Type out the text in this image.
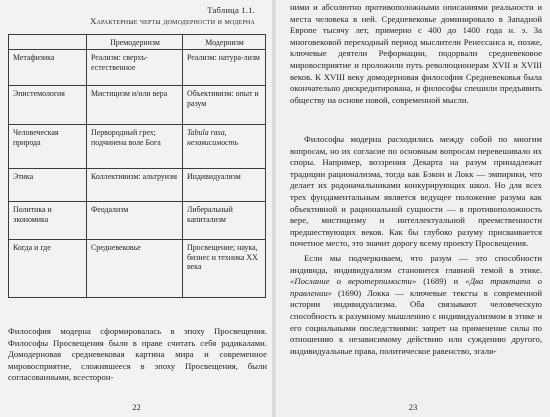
Таблица 1.1.
Характерные черты домодерности и модерна
	Премодернизм	Модернизм
Метафизика	Реализм: сверхъ-естественное	Реализм: натура-лизм
Эпистемология	Мистицизм и/или вера	Объективизм: опыт и разум
Человеческая природа	Первородный грех; подчинена воле Бога	Tabula rasa, независимость
Этика	Коллективизм: альтруизм	Индивидуализм
Политика и экономика	Феодализм	Либеральный капитализм
Когда и где	Средневековье	Просвещение; наука, бизнес и техника XX века
Философия модерна сформировалась в эпоху Просвещения. Философы Просвещения были в праве считать себя радикалами. Домодерновая средневековая картина мира и современное мировосприятие, сложившееся в эпоху Просвещения, были согласованными, всесторон-
22
ними и абсолютно противоположными описаниями реальности и места человека в ней. Средневековье доминировало в Западной Европе тысячу лет, примерно с 400 до 1400 года н. э. За многовековой переходный период мыслители Ренессанса и, позже, ключевые деятели Реформации, подорвали средневековое мировосприятие и проложили путь революционерам XVII и XVIII веков. К XVIII веку домодерновая философия Средневековья была окончательно дискредитирована, и философы спешили предъявить обществу на основе новой, современной мысли.
Философы модерна расходились между собой по многим вопросам, но их согласие по основным вопросам перевешивало их споры. Например, воззрения Декарта на разум принадлежат традиции рационализма, тогда как Бэкон и Локк — эмпирики, что делает их родоначальниками конкурирующих школ. Но для всех трех фундаментальным является ведущее положение разума как объективной и рациональной сущности — в противоположность вере, мистицизму и интеллектуальной преемственности предшествующих веков. Как бы глубоко разуму присваивается почетное место, это значит дорогу всему проекту Просвещения.
Если мы подчеркиваем, что разум — это способности индивида, индивидуализм становится главной темой в этике. «Послание о веротерпимости» (1689) и «Два трактата о правлении» (1690) Локка — ключевые тексты в современной истории индивидуализма. Оба связывают человеческую способность к разумному мышлению с индивидуализмом в этике и его социальными последствиями: запрет на применение силы по отношению к независимому действию или суждению другого, индивидуальные права, политическое равенство, эгали-
23
